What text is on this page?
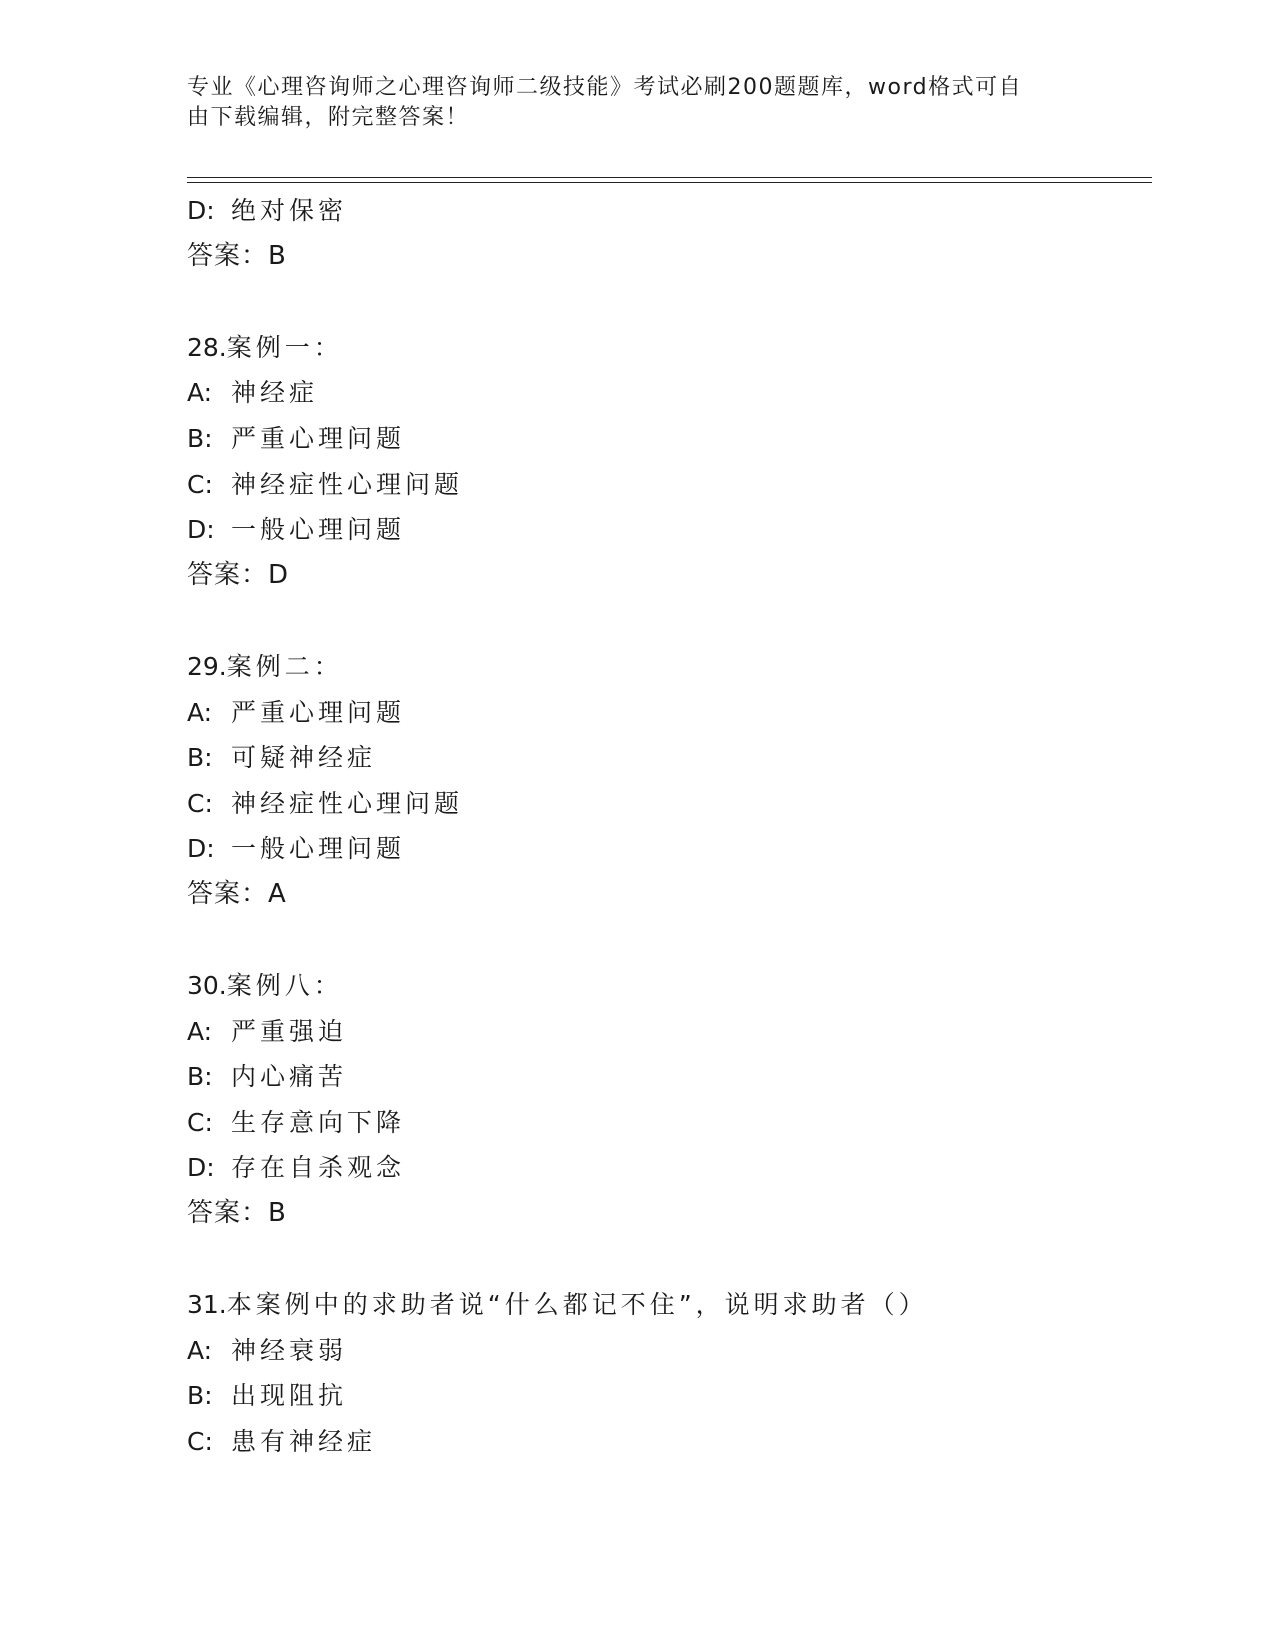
专业《心理咨询师之心理咨询师二级技能》考试必刷200题题库，word格式可自
由下载编辑，附完整答案！
D: 绝对保密
答案：B
28.案例一：
A: 神经症
B: 严重心理问题
C: 神经症性心理问题
D: 一般心理问题
答案：D
29.案例二：
A: 严重心理问题
B: 可疑神经症
C: 神经症性心理问题
D: 一般心理问题
答案：A
30.案例八：
A: 严重强迫
B: 内心痛苦
C: 生存意向下降
D: 存在自杀观念
答案：B
31.本案例中的求助者说“什么都记不住”，说明求助者（）
A: 神经衰弱
B: 出现阻抗
C: 患有神经症
